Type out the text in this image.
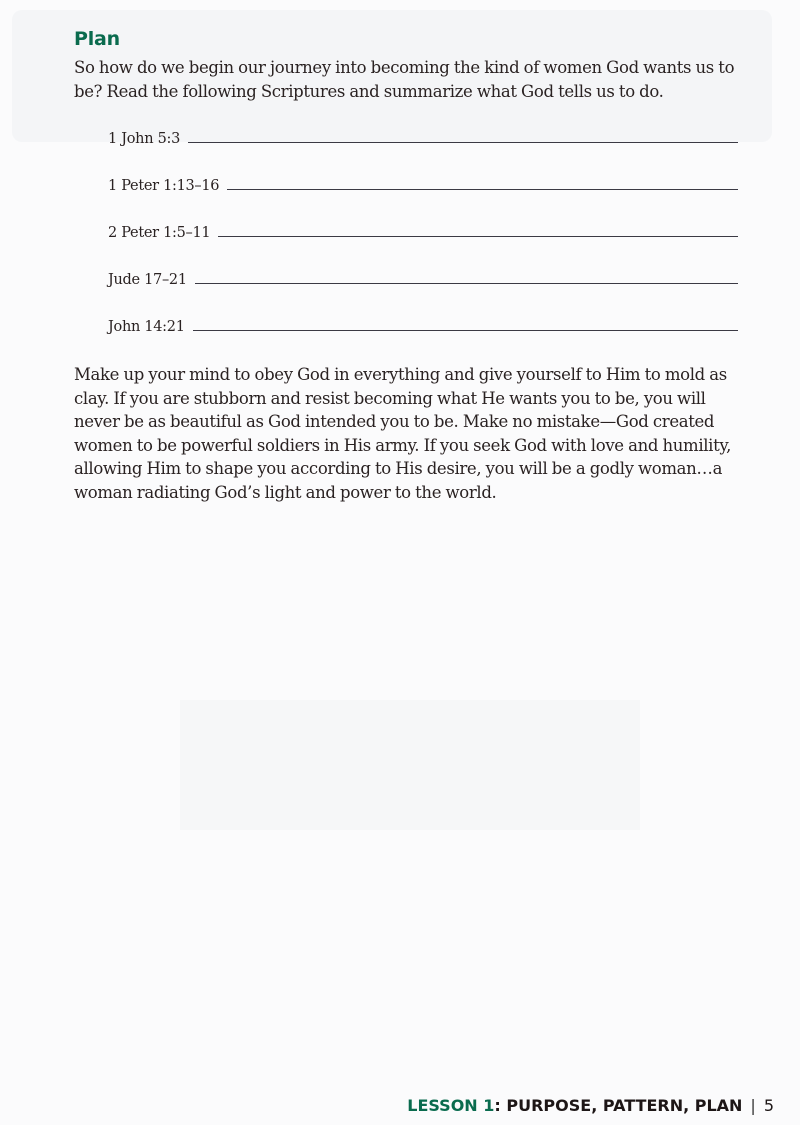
Plan

So how do we begin our journey into becoming the kind of women God wants us to be? Read the following Scriptures and summarize what God tells us to do.

1 John 5:3
1 Peter 1:13–16
2 Peter 1:5–11
Jude 17–21
John 14:21

Make up your mind to obey God in everything and give yourself to Him to mold as clay. If you are stubborn and resist becoming what He wants you to be, you will never be as beautiful as God intended you to be. Make no mistake—God created women to be powerful soldiers in His army. If you seek God with love and humility, allowing Him to shape you according to His desire, you will be a godly woman…a woman radiating God’s light and power to the world.

LESSON 1 : PURPOSE, PATTERN, PLAN | 5
